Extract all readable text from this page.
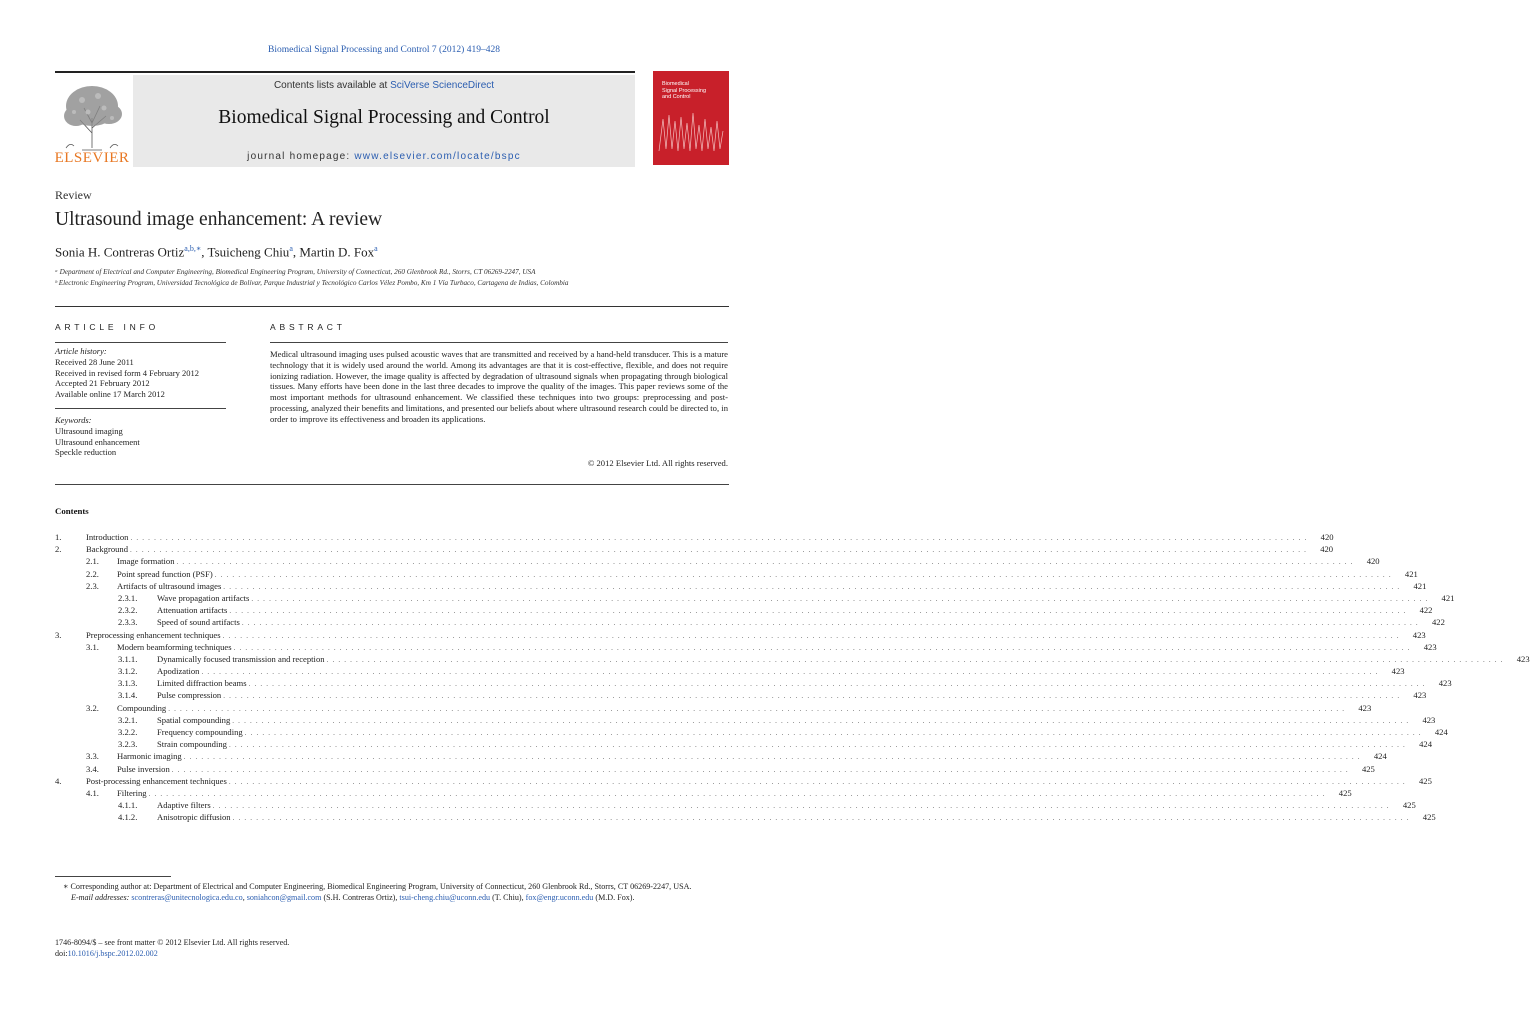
Biomedical Signal Processing and Control 7 (2012) 419–428
ELSEVIER
Contents lists available at SciVerse ScienceDirect
Biomedical Signal Processing and Control
journal homepage: www.elsevier.com/locate/bspc
Biomedical
Signal Processing
and Control
Review
Ultrasound image enhancement: A review
Sonia H. Contreras Ortiz$^{a,b,∗}$, Tsuicheng Chiu$^a$, Martin D. Fox$^a$
ᵃ Department of Electrical and Computer Engineering, Biomedical Engineering Program, University of Connecticut, 260 Glenbrook Rd., Storrs, CT 06269-2247, USA
ᵇ Electronic Engineering Program, Universidad Tecnológica de Bolívar, Parque Industrial y Tecnológico Carlos Vélez Pombo, Km 1 Vía Turbaco, Cartagena de Indias, Colombia
ARTICLE INFO
Article history:
Received 28 June 2011
Received in revised form 4 February 2012
Accepted 21 February 2012
Available online 17 March 2012
Keywords:
Ultrasound imaging
Ultrasound enhancement
Speckle reduction
ABSTRACT
Medical ultrasound imaging uses pulsed acoustic waves that are transmitted and received by a hand-held transducer. This is a mature technology that it is widely used around the world. Among its advantages are that it is cost-effective, flexible, and does not require ionizing radiation. However, the image quality is affected by degradation of ultrasound signals when propagating through biological tissues. Many efforts have been done in the last three decades to improve the quality of the images. This paper reviews some of the most important methods for ultrasound enhancement. We classified these techniques into two groups: preprocessing and post-processing, analyzed their benefits and limitations, and presented our beliefs about where ultrasound research could be directed to, in order to improve its effectiveness and broaden its applications.
© 2012 Elsevier Ltd. All rights reserved.
Contents
1.	Introduction . . . . . . . . . . . . . . . . . . . . . . . . . . . . . . . . . . . . . . . . . . . . . . . . . . . . . . . . . . . . . . . . . . . . . . . . . . . . . . . . . . . . . . . . . . . . . . . . . . . . . . . . . . . . . . . . . . . . . . . . . . . . . . . . . . . . . . . . . . . . . . . . . . . . . . . . . . . . . . . . . . . . . . . . . . . . . . . . . . . . . . . . . . . . . . . . . . . . . . . .	420
2.	Background . . . . . . . . . . . . . . . . . . . . . . . . . . . . . . . . . . . . . . . . . . . . . . . . . . . . . . . . . . . . . . . . . . . . . . . . . . . . . . . . . . . . . . . . . . . . . . . . . . . . . . . . . . . . . . . . . . . . . . . . . . . . . . . . . . . . . . . . . . . . . . . . . . . . . . . . . . . . . . . . . . . . . . . . . . . . . . . . . . . . . . . . . . . . . . . . . . . . . . . .	420
2.1.	Image formation . . . . . . . . . . . . . . . . . . . . . . . . . . . . . . . . . . . . . . . . . . . . . . . . . . . . . . . . . . . . . . . . . . . . . . . . . . . . . . . . . . . . . . . . . . . . . . . . . . . . . . . . . . . . . . . . . . . . . . . . . . . . . . . . . . . . . . . . . . . . . . . . . . . . . . . . . . . . . . . . . . . . . . . . . . . . . . . . . . . . . . . . . . . . . . . . . . . . . . . .	420
2.2.	Point spread function (PSF) . . . . . . . . . . . . . . . . . . . . . . . . . . . . . . . . . . . . . . . . . . . . . . . . . . . . . . . . . . . . . . . . . . . . . . . . . . . . . . . . . . . . . . . . . . . . . . . . . . . . . . . . . . . . . . . . . . . . . . . . . . . . . . . . . . . . . . . . . . . . . . . . . . . . . . . . . . . . . . . . . . . . . . . . . . . . . . . . . . . . . . . . . . . . . . . . . . . . . . . .	421
2.3.	Artifacts of ultrasound images . . . . . . . . . . . . . . . . . . . . . . . . . . . . . . . . . . . . . . . . . . . . . . . . . . . . . . . . . . . . . . . . . . . . . . . . . . . . . . . . . . . . . . . . . . . . . . . . . . . . . . . . . . . . . . . . . . . . . . . . . . . . . . . . . . . . . . . . . . . . . . . . . . . . . . . . . . . . . . . . . . . . . . . . . . . . . . . . . . . . . . . . . . . . . . . . . . . . . . . .	421
2.3.1.	Wave propagation artifacts . . . . . . . . . . . . . . . . . . . . . . . . . . . . . . . . . . . . . . . . . . . . . . . . . . . . . . . . . . . . . . . . . . . . . . . . . . . . . . . . . . . . . . . . . . . . . . . . . . . . . . . . . . . . . . . . . . . . . . . . . . . . . . . . . . . . . . . . . . . . . . . . . . . . . . . . . . . . . . . . . . . . . . . . . . . . . . . . . . . . . . . . . . . . . . . . . . . . . . . .	421
2.3.2.	Attenuation artifacts . . . . . . . . . . . . . . . . . . . . . . . . . . . . . . . . . . . . . . . . . . . . . . . . . . . . . . . . . . . . . . . . . . . . . . . . . . . . . . . . . . . . . . . . . . . . . . . . . . . . . . . . . . . . . . . . . . . . . . . . . . . . . . . . . . . . . . . . . . . . . . . . . . . . . . . . . . . . . . . . . . . . . . . . . . . . . . . . . . . . . . . . . . . . . . . . . . . . . . . .	422
2.3.3.	Speed of sound artifacts . . . . . . . . . . . . . . . . . . . . . . . . . . . . . . . . . . . . . . . . . . . . . . . . . . . . . . . . . . . . . . . . . . . . . . . . . . . . . . . . . . . . . . . . . . . . . . . . . . . . . . . . . . . . . . . . . . . . . . . . . . . . . . . . . . . . . . . . . . . . . . . . . . . . . . . . . . . . . . . . . . . . . . . . . . . . . . . . . . . . . . . . . . . . . . . . . . . . . . . .	422
3.	Preprocessing enhancement techniques . . . . . . . . . . . . . . . . . . . . . . . . . . . . . . . . . . . . . . . . . . . . . . . . . . . . . . . . . . . . . . . . . . . . . . . . . . . . . . . . . . . . . . . . . . . . . . . . . . . . . . . . . . . . . . . . . . . . . . . . . . . . . . . . . . . . . . . . . . . . . . . . . . . . . . . . . . . . . . . . . . . . . . . . . . . . . . . . . . . . . . . . . . . . . . . . . . . . . . . .	423
3.1.	Modern beamforming techniques . . . . . . . . . . . . . . . . . . . . . . . . . . . . . . . . . . . . . . . . . . . . . . . . . . . . . . . . . . . . . . . . . . . . . . . . . . . . . . . . . . . . . . . . . . . . . . . . . . . . . . . . . . . . . . . . . . . . . . . . . . . . . . . . . . . . . . . . . . . . . . . . . . . . . . . . . . . . . . . . . . . . . . . . . . . . . . . . . . . . . . . . . . . . . . . . . . . . . . . .	423
3.1.1.	Dynamically focused transmission and reception . . . . . . . . . . . . . . . . . . . . . . . . . . . . . . . . . . . . . . . . . . . . . . . . . . . . . . . . . . . . . . . . . . . . . . . . . . . . . . . . . . . . . . . . . . . . . . . . . . . . . . . . . . . . . . . . . . . . . . . . . . . . . . . . . . . . . . . . . . . . . . . . . . . . . . . . . . . . . . . . . . . . . . . . . . . . . . . . . . . . . . . . . . . . . . . . . . . . . . . .	423
3.1.2.	Apodization . . . . . . . . . . . . . . . . . . . . . . . . . . . . . . . . . . . . . . . . . . . . . . . . . . . . . . . . . . . . . . . . . . . . . . . . . . . . . . . . . . . . . . . . . . . . . . . . . . . . . . . . . . . . . . . . . . . . . . . . . . . . . . . . . . . . . . . . . . . . . . . . . . . . . . . . . . . . . . . . . . . . . . . . . . . . . . . . . . . . . . . . . . . . . . . . . . . . . . . .	423
3.1.3.	Limited diffraction beams . . . . . . . . . . . . . . . . . . . . . . . . . . . . . . . . . . . . . . . . . . . . . . . . . . . . . . . . . . . . . . . . . . . . . . . . . . . . . . . . . . . . . . . . . . . . . . . . . . . . . . . . . . . . . . . . . . . . . . . . . . . . . . . . . . . . . . . . . . . . . . . . . . . . . . . . . . . . . . . . . . . . . . . . . . . . . . . . . . . . . . . . . . . . . . . . . . . . . . . .	423
3.1.4.	Pulse compression . . . . . . . . . . . . . . . . . . . . . . . . . . . . . . . . . . . . . . . . . . . . . . . . . . . . . . . . . . . . . . . . . . . . . . . . . . . . . . . . . . . . . . . . . . . . . . . . . . . . . . . . . . . . . . . . . . . . . . . . . . . . . . . . . . . . . . . . . . . . . . . . . . . . . . . . . . . . . . . . . . . . . . . . . . . . . . . . . . . . . . . . . . . . . . . . . . . . . . . .	423
3.2.	Compounding . . . . . . . . . . . . . . . . . . . . . . . . . . . . . . . . . . . . . . . . . . . . . . . . . . . . . . . . . . . . . . . . . . . . . . . . . . . . . . . . . . . . . . . . . . . . . . . . . . . . . . . . . . . . . . . . . . . . . . . . . . . . . . . . . . . . . . . . . . . . . . . . . . . . . . . . . . . . . . . . . . . . . . . . . . . . . . . . . . . . . . . . . . . . . . . . . . . . . . . .	423
3.2.1.	Spatial compounding . . . . . . . . . . . . . . . . . . . . . . . . . . . . . . . . . . . . . . . . . . . . . . . . . . . . . . . . . . . . . . . . . . . . . . . . . . . . . . . . . . . . . . . . . . . . . . . . . . . . . . . . . . . . . . . . . . . . . . . . . . . . . . . . . . . . . . . . . . . . . . . . . . . . . . . . . . . . . . . . . . . . . . . . . . . . . . . . . . . . . . . . . . . . . . . . . . . . . . . .	423
3.2.2.	Frequency compounding . . . . . . . . . . . . . . . . . . . . . . . . . . . . . . . . . . . . . . . . . . . . . . . . . . . . . . . . . . . . . . . . . . . . . . . . . . . . . . . . . . . . . . . . . . . . . . . . . . . . . . . . . . . . . . . . . . . . . . . . . . . . . . . . . . . . . . . . . . . . . . . . . . . . . . . . . . . . . . . . . . . . . . . . . . . . . . . . . . . . . . . . . . . . . . . . . . . . . . . .	424
3.2.3.	Strain compounding . . . . . . . . . . . . . . . . . . . . . . . . . . . . . . . . . . . . . . . . . . . . . . . . . . . . . . . . . . . . . . . . . . . . . . . . . . . . . . . . . . . . . . . . . . . . . . . . . . . . . . . . . . . . . . . . . . . . . . . . . . . . . . . . . . . . . . . . . . . . . . . . . . . . . . . . . . . . . . . . . . . . . . . . . . . . . . . . . . . . . . . . . . . . . . . . . . . . . . . .	424
3.3.	Harmonic imaging . . . . . . . . . . . . . . . . . . . . . . . . . . . . . . . . . . . . . . . . . . . . . . . . . . . . . . . . . . . . . . . . . . . . . . . . . . . . . . . . . . . . . . . . . . . . . . . . . . . . . . . . . . . . . . . . . . . . . . . . . . . . . . . . . . . . . . . . . . . . . . . . . . . . . . . . . . . . . . . . . . . . . . . . . . . . . . . . . . . . . . . . . . . . . . . . . . . . . . . .	424
3.4.	Pulse inversion . . . . . . . . . . . . . . . . . . . . . . . . . . . . . . . . . . . . . . . . . . . . . . . . . . . . . . . . . . . . . . . . . . . . . . . . . . . . . . . . . . . . . . . . . . . . . . . . . . . . . . . . . . . . . . . . . . . . . . . . . . . . . . . . . . . . . . . . . . . . . . . . . . . . . . . . . . . . . . . . . . . . . . . . . . . . . . . . . . . . . . . . . . . . . . . . . . . . . . . .	425
4.	Post-processing enhancement techniques . . . . . . . . . . . . . . . . . . . . . . . . . . . . . . . . . . . . . . . . . . . . . . . . . . . . . . . . . . . . . . . . . . . . . . . . . . . . . . . . . . . . . . . . . . . . . . . . . . . . . . . . . . . . . . . . . . . . . . . . . . . . . . . . . . . . . . . . . . . . . . . . . . . . . . . . . . . . . . . . . . . . . . . . . . . . . . . . . . . . . . . . . . . . . . . . . . . . . . . .	425
4.1.	Filtering . . . . . . . . . . . . . . . . . . . . . . . . . . . . . . . . . . . . . . . . . . . . . . . . . . . . . . . . . . . . . . . . . . . . . . . . . . . . . . . . . . . . . . . . . . . . . . . . . . . . . . . . . . . . . . . . . . . . . . . . . . . . . . . . . . . . . . . . . . . . . . . . . . . . . . . . . . . . . . . . . . . . . . . . . . . . . . . . . . . . . . . . . . . . . . . . . . . . . . . .	425
4.1.1.	Adaptive filters . . . . . . . . . . . . . . . . . . . . . . . . . . . . . . . . . . . . . . . . . . . . . . . . . . . . . . . . . . . . . . . . . . . . . . . . . . . . . . . . . . . . . . . . . . . . . . . . . . . . . . . . . . . . . . . . . . . . . . . . . . . . . . . . . . . . . . . . . . . . . . . . . . . . . . . . . . . . . . . . . . . . . . . . . . . . . . . . . . . . . . . . . . . . . . . . . . . . . . . .	425
4.1.2.	Anisotropic diffusion . . . . . . . . . . . . . . . . . . . . . . . . . . . . . . . . . . . . . . . . . . . . . . . . . . . . . . . . . . . . . . . . . . . . . . . . . . . . . . . . . . . . . . . . . . . . . . . . . . . . . . . . . . . . . . . . . . . . . . . . . . . . . . . . . . . . . . . . . . . . . . . . . . . . . . . . . . . . . . . . . . . . . . . . . . . . . . . . . . . . . . . . . . . . . . . . . . . . . . . .	425
∗ Corresponding author at: Department of Electrical and Computer Engineering, Biomedical Engineering Program, University of Connecticut, 260 Glenbrook Rd., Storrs, CT 06269-2247, USA.
E-mail addresses: scontreras@unitecnologica.edu.co, soniahcon@gmail.com (S.H. Contreras Ortiz), tsui-cheng.chiu@uconn.edu (T. Chiu), fox@engr.uconn.edu (M.D. Fox).
1746-8094/$ – see front matter © 2012 Elsevier Ltd. All rights reserved.
doi:10.1016/j.bspc.2012.02.002
